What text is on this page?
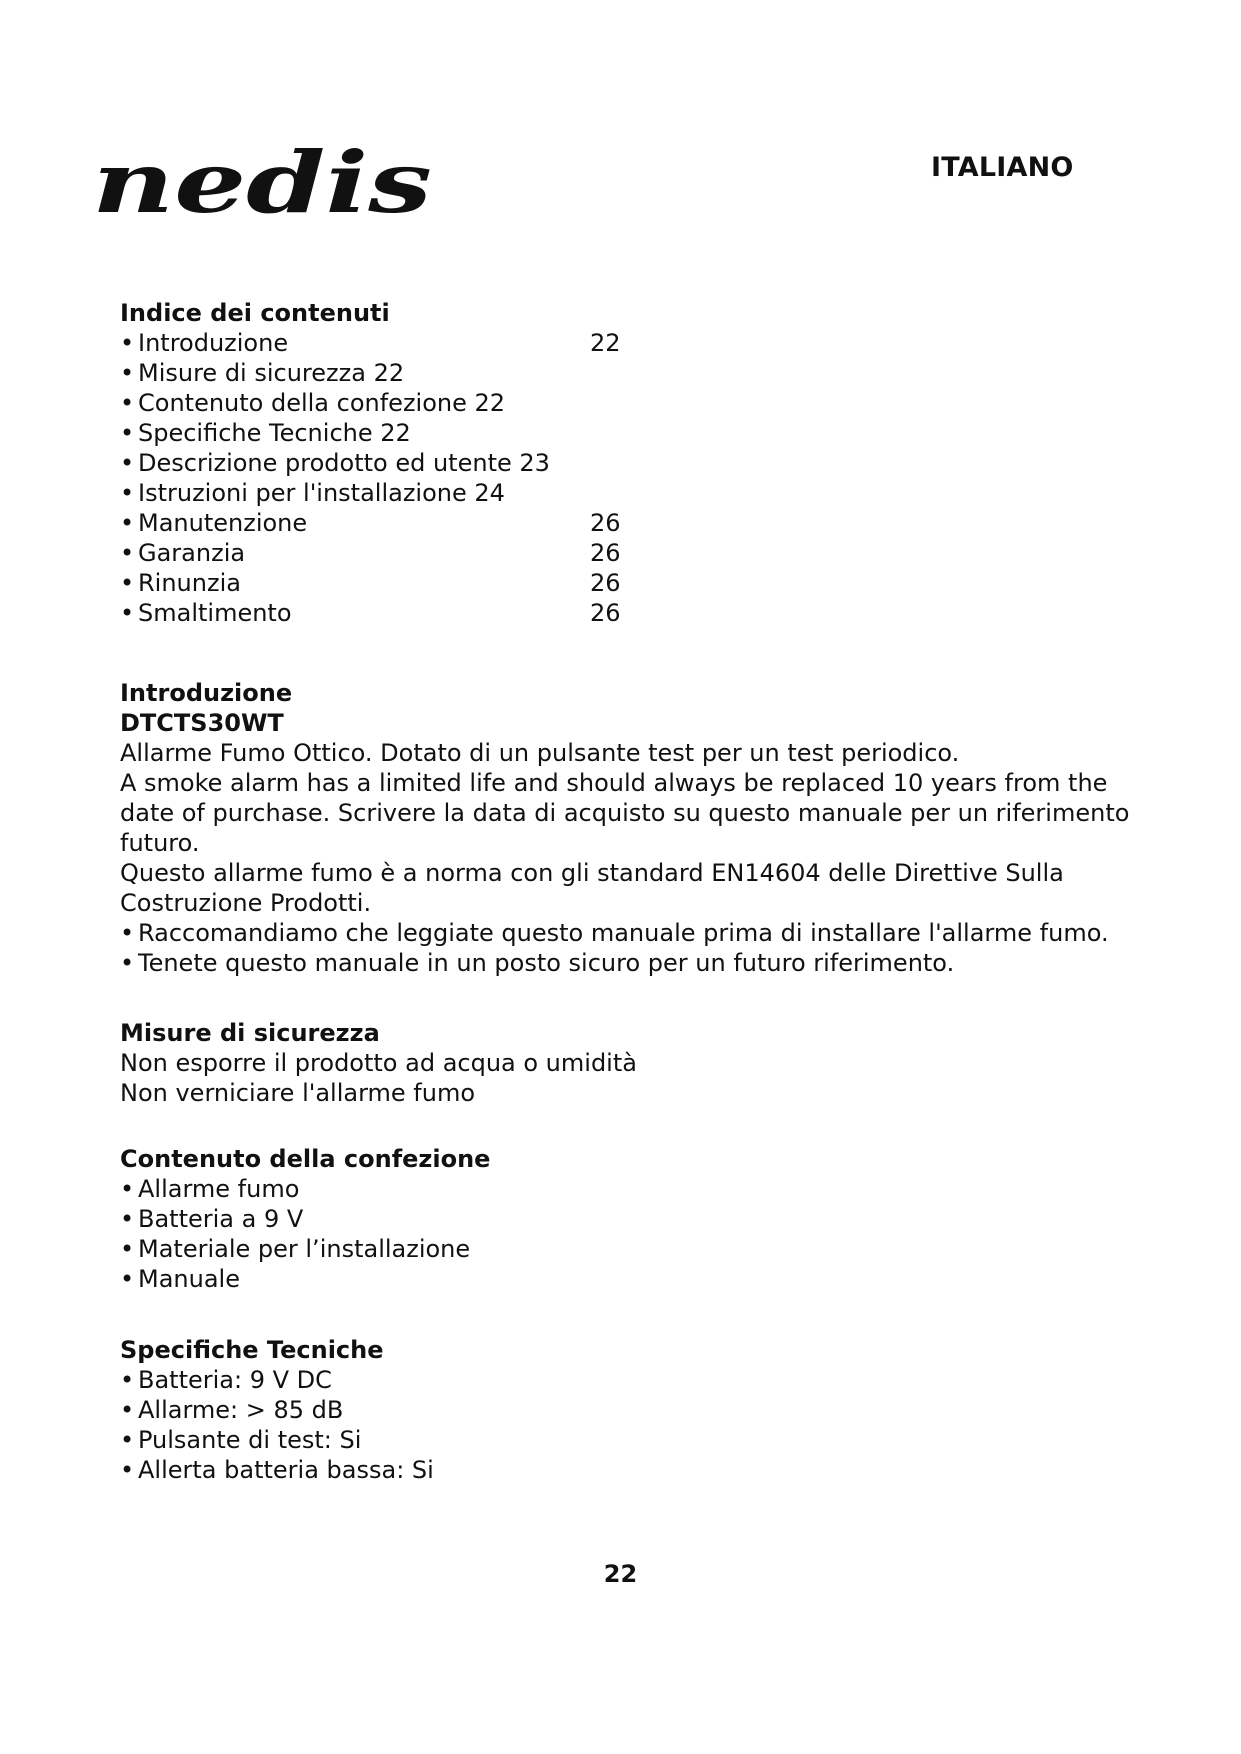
nedis	ITALIANO
Indice dei contenuti
• Introduzione	22
• Misure di sicurezza 22
• Contenuto della confezione 22
• Specifiche Tecniche 22
• Descrizione prodotto ed utente 23
• Istruzioni per l'installazione 24
• Manutenzione	26
• Garanzia	26
• Rinunzia	26
• Smaltimento	26
Introduzione
DTCTS30WT
Allarme Fumo Ottico. Dotato di un pulsante test per un test periodico.
A smoke alarm has a limited life and should always be replaced 10 years from the
date of purchase. Scrivere la data di acquisto su questo manuale per un riferimento
futuro.
Questo allarme fumo è a norma con gli standard EN14604 delle Direttive Sulla
Costruzione Prodotti.
• Raccomandiamo che leggiate questo manuale prima di installare l'allarme fumo.
• Tenete questo manuale in un posto sicuro per un futuro riferimento.
Misure di sicurezza
Non esporre il prodotto ad acqua o umidità
Non verniciare l'allarme fumo
Contenuto della confezione
• Allarme fumo
• Batteria a 9 V
• Materiale per l’installazione
• Manuale
Specifiche Tecniche
• Batteria: 9 V DC
• Allarme: > 85 dB
• Pulsante di test: Si
• Allerta batteria bassa: Si
22
